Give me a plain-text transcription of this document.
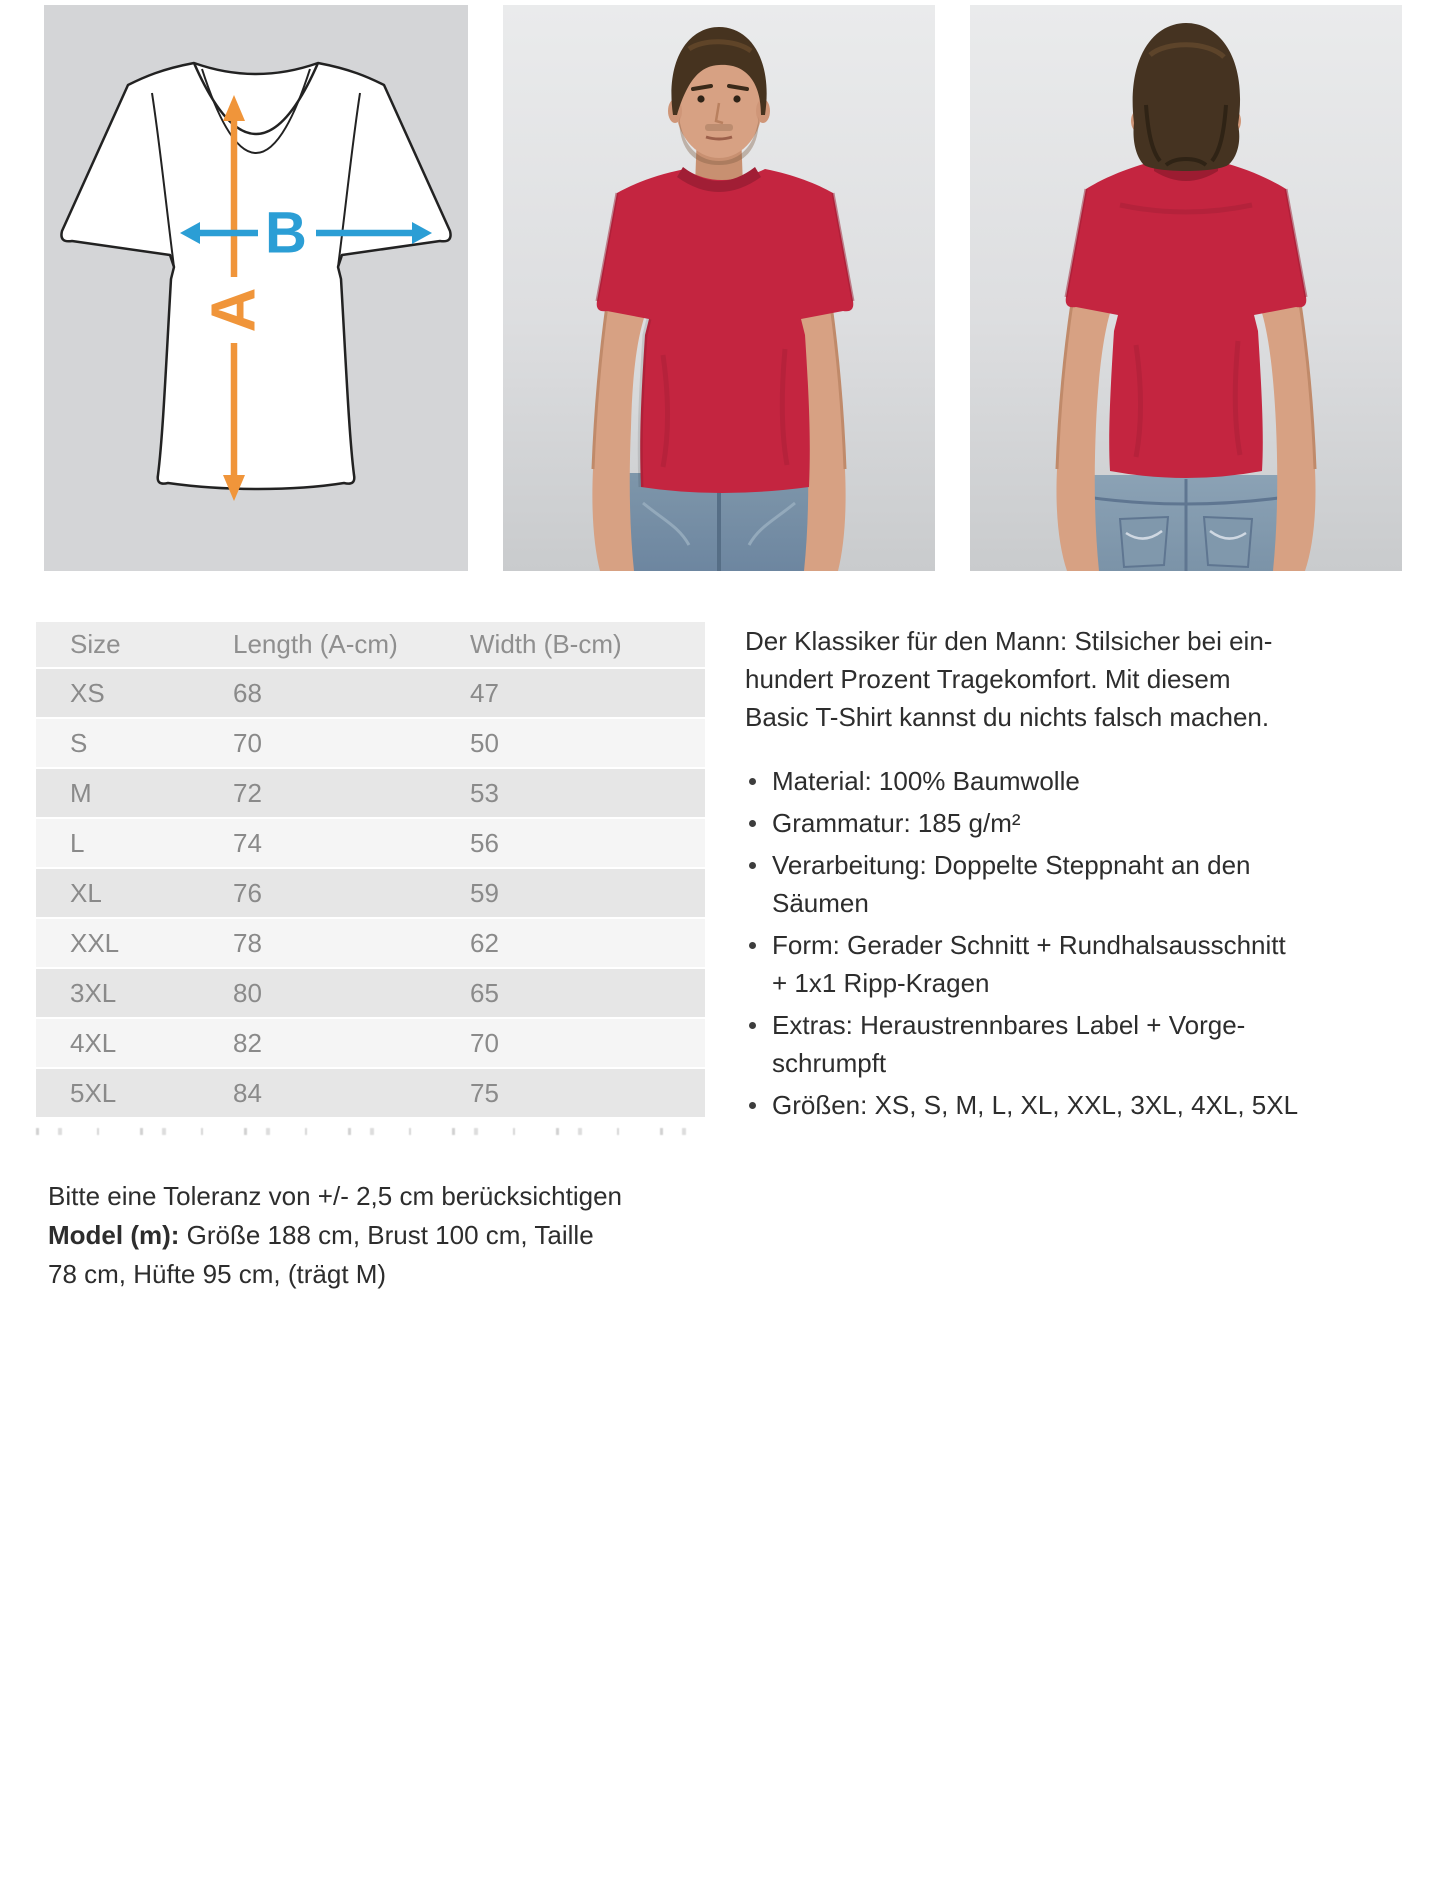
A
B
Size	Length (A-cm)	Width (B-cm)
XS	68	47
S	70	50
M	72	53
L	74	56
XL	76	59
XXL	78	62
3XL	80	65
4XL	82	70
5XL	84	75
Bitte eine Toleranz von +/- 2,5 cm berücksichtigen
Model (m): Größe 188 cm, Brust 100 cm, Taille
78 cm, Hüfte 95 cm, (trägt M)
Der Klassiker für den Mann: Stilsicher bei ein-
hundert Prozent Tragekomfort. Mit diesem
Basic T-Shirt kannst du nichts falsch machen.
Material: 100% Baumwolle
Grammatur: 185 g/m²
Verarbeitung: Doppelte Steppnaht an den
Säumen
Form: Gerader Schnitt + Rundhalsausschnitt
+ 1x1 Ripp-Kragen
Extras: Heraustrennbares Label + Vorge-
schrumpft
Größen: XS, S, M, L, XL, XXL, 3XL, 4XL, 5XL
